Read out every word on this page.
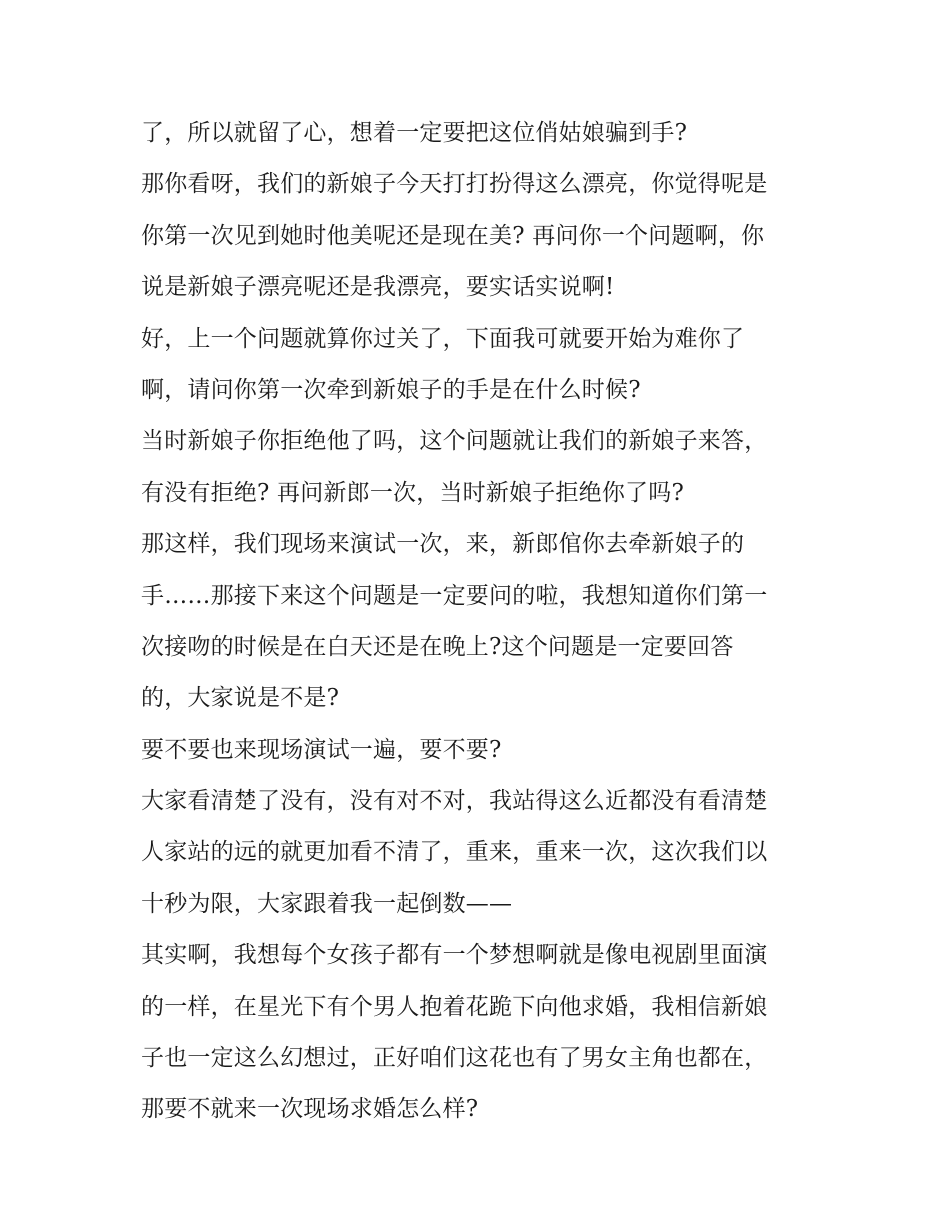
了，所以就留了心，想着一定要把这位俏姑娘骗到手?
那你看呀，我们的新娘子今天打打扮得这么漂亮，你觉得呢是
你第一次见到她时他美呢还是现在美? 再问你一个问题啊，你
说是新娘子漂亮呢还是我漂亮，要实话实说啊!
好，上一个问题就算你过关了，下面我可就要开始为难你了
啊，请问你第一次牵到新娘子的手是在什么时候?
当时新娘子你拒绝他了吗，这个问题就让我们的新娘子来答，
有没有拒绝? 再问新郎一次，当时新娘子拒绝你了吗?
那这样，我们现场来演试一次，来，新郎倌你去牵新娘子的
手……那接下来这个问题是一定要问的啦，我想知道你们第一
次接吻的时候是在白天还是在晚上?这个问题是一定要回答
的，大家说是不是?
要不要也来现场演试一遍，要不要?
大家看清楚了没有，没有对不对，我站得这么近都没有看清楚
人家站的远的就更加看不清了，重来，重来一次，这次我们以
十秒为限，大家跟着我一起倒数——
其实啊，我想每个女孩子都有一个梦想啊就是像电视剧里面演
的一样，在星光下有个男人抱着花跪下向他求婚，我相信新娘
子也一定这么幻想过，正好咱们这花也有了男女主角也都在，
那要不就来一次现场求婚怎么样?
